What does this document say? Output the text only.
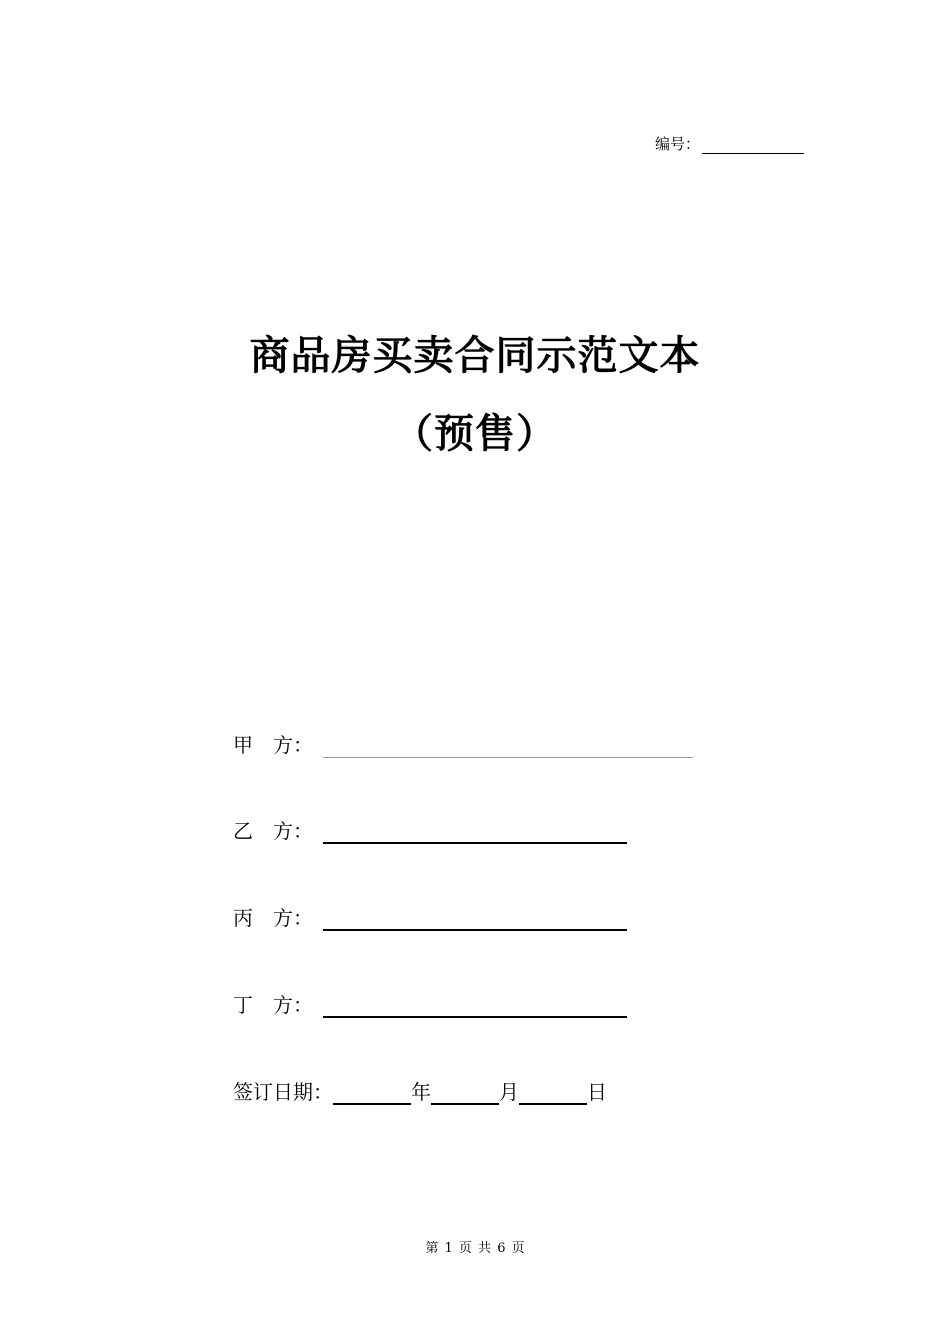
编号：
商品房买卖合同示范文本
（预售）
甲　方：
乙　方：
丙　方：
丁　方：
签订日期：	年	月	日
第 1 页 共 6 页
